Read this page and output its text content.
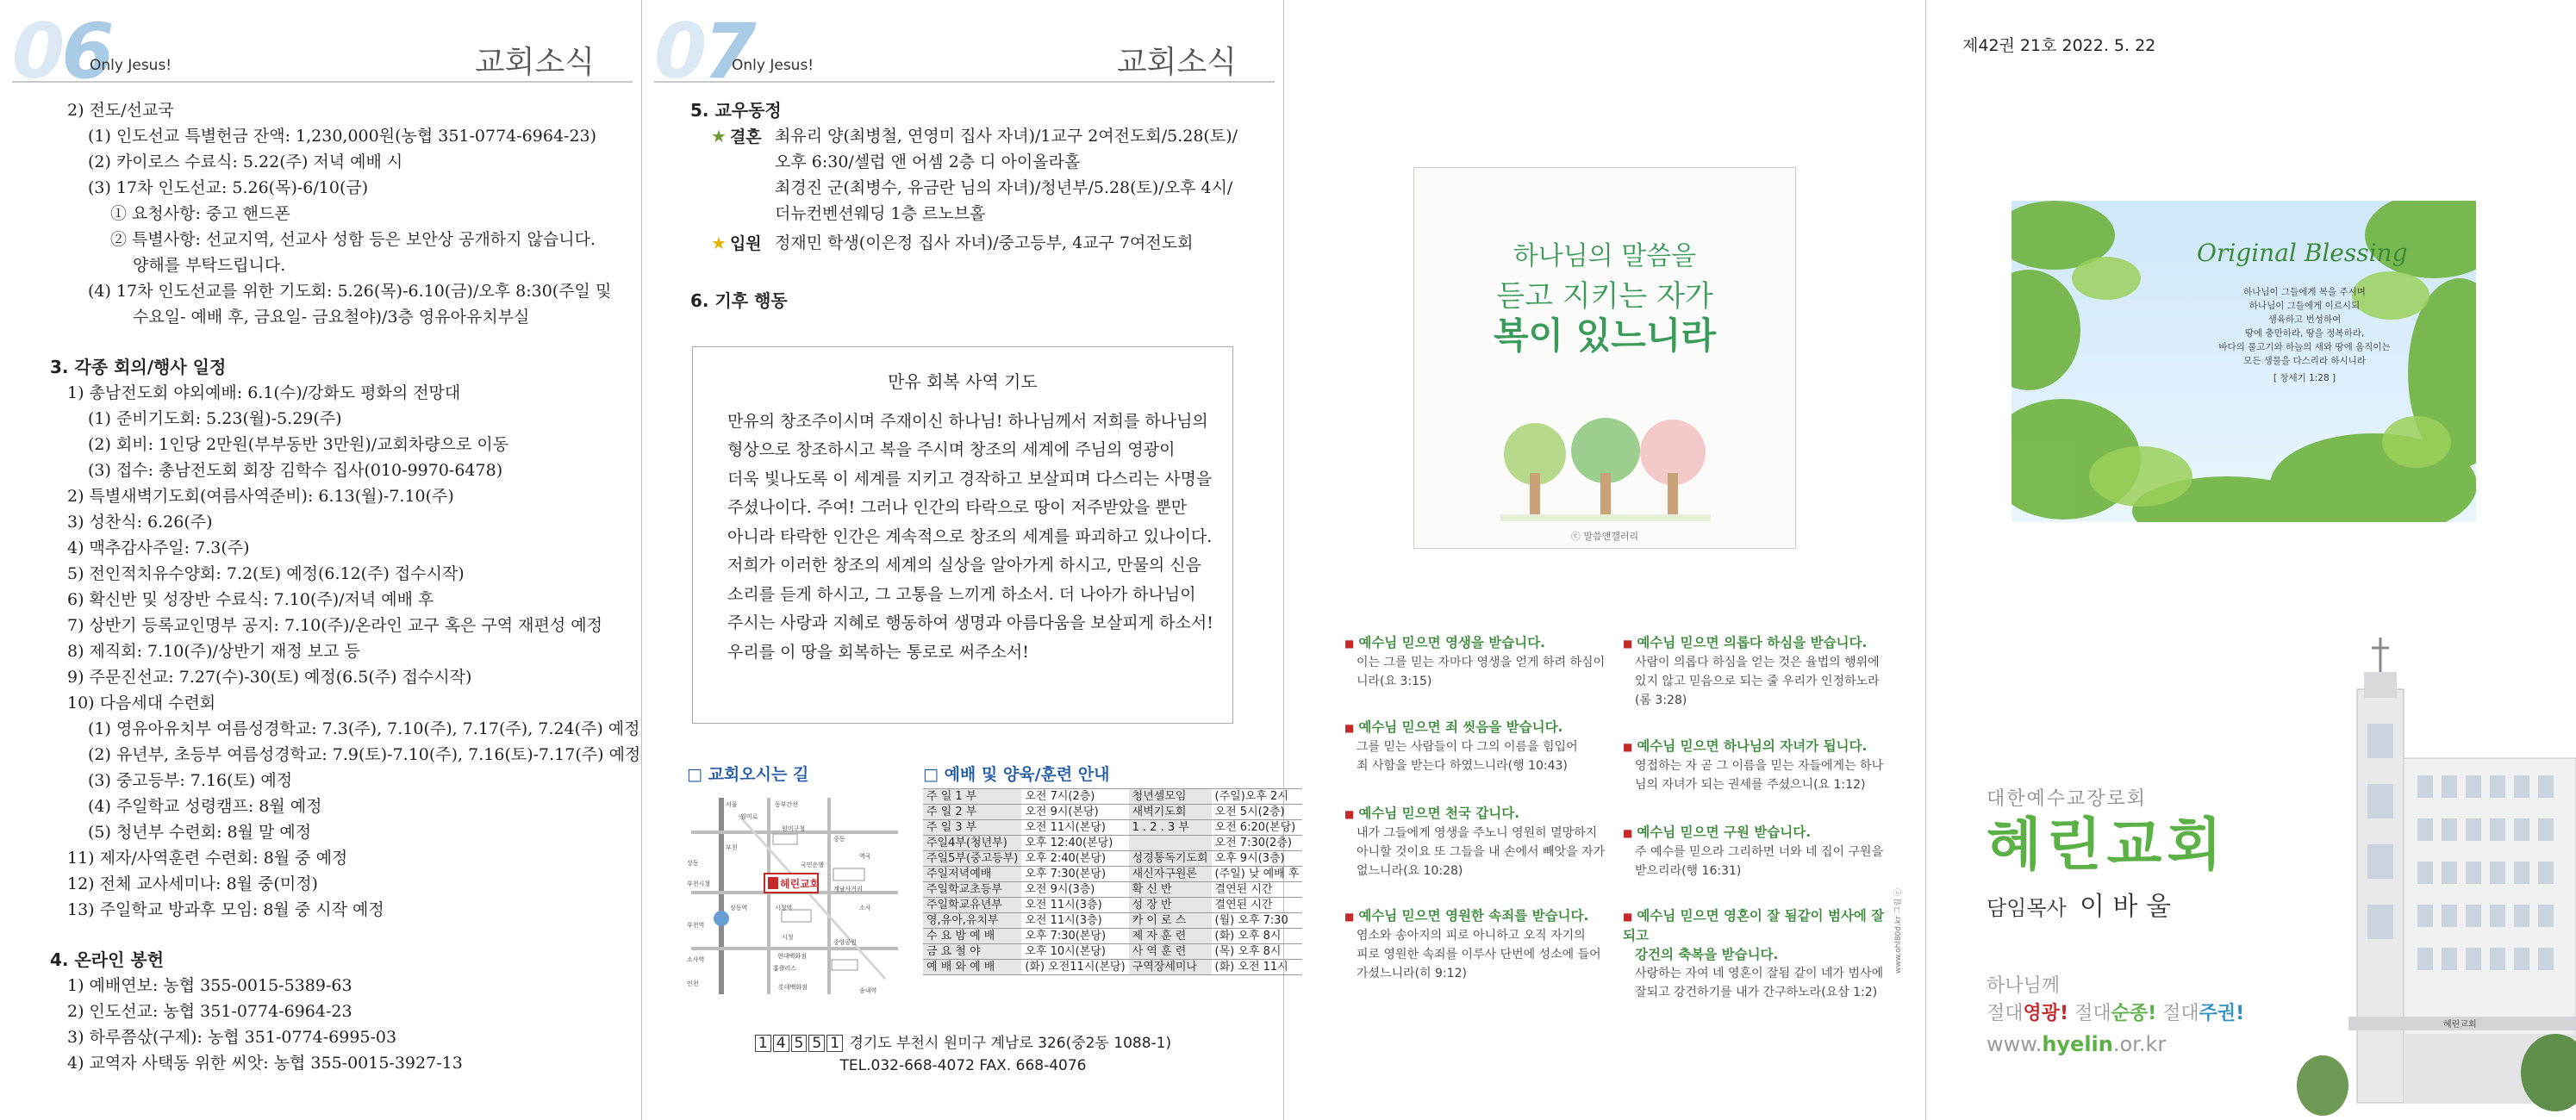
06
Only Jesus!	교회소식
2) 전도/선교국
(1) 인도선교 특별헌금 잔액: 1,230,000원(농협 351-0774-6964-23)
(2) 카이로스 수료식: 5.22(주) 저녁 예배 시
(3) 17차 인도선교: 5.26(목)-6/10(금)
① 요청사항: 중고 핸드폰
② 특별사항: 선교지역, 선교사 성함 등은 보안상 공개하지 않습니다.
양해를 부탁드립니다.
(4) 17차 인도선교를 위한 기도회: 5.26(목)-6.10(금)/오후 8:30(주일 및
수요일- 예배 후, 금요일- 금요철야)/3층 영유아유치부실
3. 각종 회의/행사 일정
1) 총남전도회 야외예배: 6.1(수)/강화도 평화의 전망대
(1) 준비기도회: 5.23(월)-5.29(주)
(2) 회비: 1인당 2만원(부부동반 3만원)/교회차량으로 이동
(3) 접수: 총남전도회 회장 김학수 집사(010-9970-6478)
2) 특별새벽기도회(여름사역준비): 6.13(월)-7.10(주)
3) 성찬식: 6.26(주)
4) 맥추감사주일: 7.3(주)
5) 전인적치유수양회: 7.2(토) 예정(6.12(주) 접수시작)
6) 확신반 및 성장반 수료식: 7.10(주)/저녁 예배 후
7) 상반기 등록교인명부 공지: 7.10(주)/온라인 교구 혹은 구역 재편성 예정
8) 제직회: 7.10(주)/상반기 재정 보고 등
9) 주문진선교: 7.27(수)-30(토) 예정(6.5(주) 접수시작)
10) 다음세대 수련회
(1) 영유아유치부 여름성경학교: 7.3(주), 7.10(주), 7.17(주), 7.24(주) 예정
(2) 유년부, 초등부 여름성경학교: 7.9(토)-7.10(주), 7.16(토)-7.17(주) 예정
(3) 중고등부: 7.16(토) 예정
(4) 주일학교 성령캠프: 8월 예정
(5) 청년부 수련회: 8월 말 예정
11) 제자/사역훈련 수련회: 8월 중 예정
12) 전체 교사세미나: 8월 중(미정)
13) 주일학교 방과후 모임: 8월 중 시작 예정
4. 온라인 봉헌
1) 예배연보: 농협 355-0015-5389-63
2) 인도선교: 농협 351-0774-6964-23
3) 하루쯤삯(구제): 농협 351-0774-6995-03
4) 교역자 사택동 위한 씨앗: 농협 355-0015-3927-13
07
Only Jesus!	교회소식
5. 교우동정
★ 결혼 최유리 양(최병철, 연영미 집사 자녀)/1교구 2여전도회/5.28(토)/
오후 6:30/셀럽 앤 어셈 2층 디 아이올라홀
최경진 군(최병수, 유금란 님의 자녀)/청년부/5.28(토)/오후 4시/
더뉴컨벤션웨딩 1층 르노브홀
★ 입원 정재민 학생(이은정 집사 자녀)/중고등부, 4교구 7여전도회
6. 기후 행동
만유 회복 사역 기도
만유의 창조주이시며 주재이신 하나님! 하나님께서 저희를 하나님의
형상으로 창조하시고 복을 주시며 창조의 세계에 주님의 영광이
더욱 빛나도록 이 세계를 지키고 경작하고 보살피며 다스리는 사명을
주셨나이다. 주여! 그러나 인간의 타락으로 땅이 저주받았을 뿐만
아니라 타락한 인간은 계속적으로 창조의 세계를 파괴하고 있나이다.
저희가 이러한 창조의 세계의 실상을 알아가게 하시고, 만물의 신음
소리를 듣게 하시고, 그 고통을 느끼게 하소서. 더 나아가 하나님이
주시는 사랑과 지혜로 행동하여 생명과 아름다움을 보살피게 하소서!
우리를 이 땅을 회복하는 통로로 써주소서!
□ 교회오시는 길	□ 예배 및 양육/훈련 안내
헤린교회
서울	동부간선
인천
부천
소사
시청
송내역
중동
상동
역곡
원미구청
부천시청
부천역
중앙공원
홈플러스
현대백화점
롯데백화점
소사역
계남사거리
원미로
시청역
국민은행
상동역
주 일 1 부	오전 7시(2층)		청년셀모임	(주일)오후 2시
주 일 2 부	오전 9시(본당)		새벽기도회	오전 5시(2층)
주 일 3 부	오전 11시(본당)		1 . 2 . 3 부	오전 6:20(본당)
주일4부(청년부)	오후 12:40(본당)			오전 7:30(2층)
주일5부(중고등부)	오후 2:40(본당)		성경통독기도회	오후 9시(3층)
주일저녁예배	오후 7:30(본당)		새신자구원론	(주일) 낮 예배 후
주일학교초등부	오전 9시(3층)		확 신 반	결연된 시간
주일학교유년부	오전 11시(3층)		성 장 반	결연된 시간
영,유아,유치부	오전 11시(3층)		카 이 로 스	(월) 오후 7:30
수 요 밤 예 배	오후 7:30(본당)		제 자 훈 련	(화) 오후 8시
금 요 철 야	오후 10시(본당)		사 역 훈 련	(목) 오후 8시
예 배 와 예 배	(화) 오전11시(본당)		구역장세미나	(화) 오전 11시
1 4 5 5 1 경기도 부천시 원미구 계남로 326(중2동 1088-1)
TEL.032-668-4072 FAX. 668-4076
하나님의 말씀을
듣고 지키는 자가
복이 있느니라
ⓒ 말씀앤갤러리
■ 예수님 믿으면 영생을 받습니다.
이는 그를 믿는 자마다 영생을 얻게 하려 하심이
니라(요 3:15)
■ 예수님 믿으면 의롭다 하심을 받습니다.
사람이 의롭다 하심을 얻는 것은 율법의 행위에
있지 않고 믿음으로 되는 줄 우리가 인정하노라
(롬 3:28)
■ 예수님 믿으면 죄 씻음을 받습니다.
그를 믿는 사람들이 다 그의 이름을 힘입어
죄 사함을 받는다 하였느니라(행 10:43)
■ 예수님 믿으면 하나님의 자녀가 됩니다.
영접하는 자 곧 그 이름을 믿는 자들에게는 하나
님의 자녀가 되는 권세를 주셨으니(요 1:12)
■ 예수님 믿으면 천국 갑니다.
내가 그들에게 영생을 주노니 영원히 멸망하지
아니할 것이요 또 그들을 내 손에서 빼앗을 자가
없느니라(요 10:28)
■ 예수님 믿으면 구원 받습니다.
주 예수를 믿으라 그리하면 너와 네 집이 구원을
받으리라(행 16:31)
■ 예수님 믿으면 영원한 속죄를 받습니다.
염소와 송아지의 피로 아니하고 오직 자기의
피로 영원한 속죄를 이루사 단번에 성소에 들어
가셨느니라(히 9:12)
■ 예수님 믿으면 영혼이 잘 됨같이 범사에 잘되고
강건의 축복을 받습니다.
사랑하는 자여 네 영혼이 잘됨 같이 네가 범사에
잘되고 강건하기를 내가 간구하노라(요삼 1:2)
www.ohl80d.kr 그림 ⓒ
제42권 21호 2022. 5. 22
Original Blessing
하나님이 그들에게 복을 주시며
하나님이 그들에게 이르시되
생육하고 번성하여
땅에 충만하라, 땅을 정복하라,
바다의 물고기와 하늘의 새와 땅에 움직이는
모든 생물을 다스리라 하시니라
[ 창세기 1:28 ]
대한예수교장로회
혜린교회
담임목사 이 바 울
하나님께
절대영광! 절대순종! 절대주권!
www.hyelin.or.kr
혜린교회
